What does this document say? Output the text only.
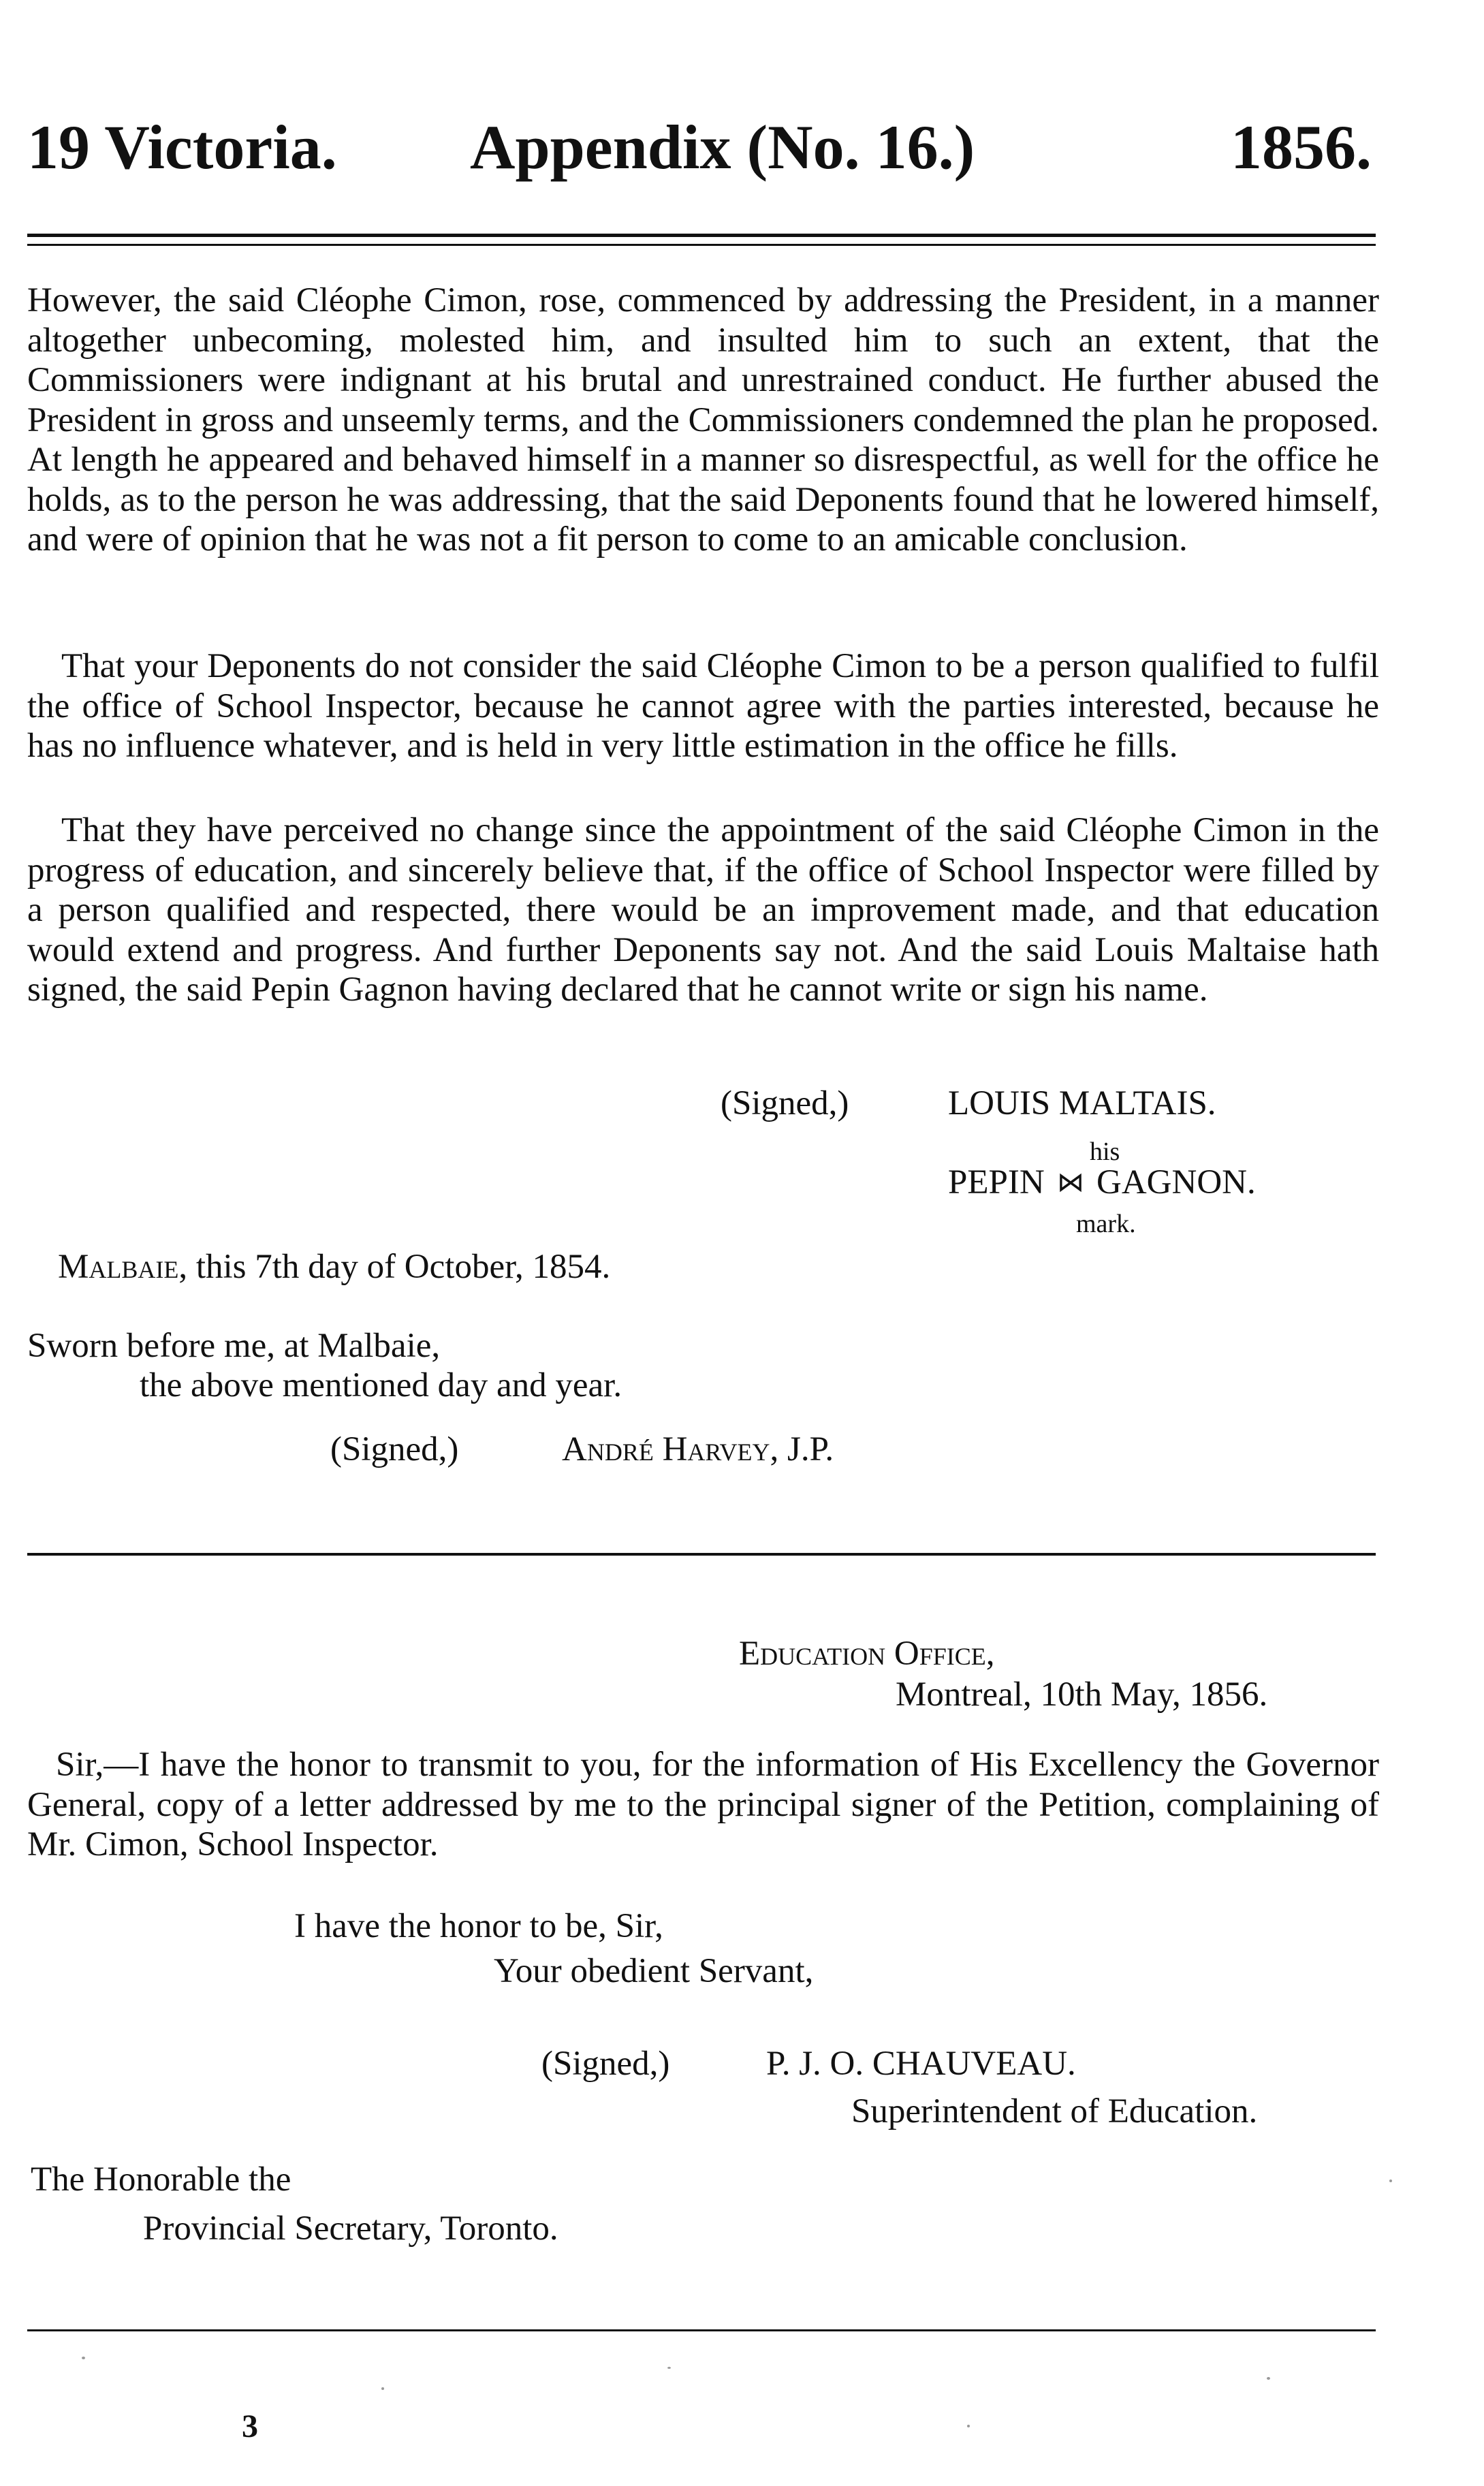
19 Victoria. Appendix (No. 16.)	1856.

However, the said Cléophe Cimon, rose, commenced by addressing the President, in a manner altogether unbecoming, molested him, and insulted him to such an extent, that the Commissioners were indignant at his brutal and unrestrained conduct. He further abused the President in gross and unseemly terms, and the Commissioners condemned the plan he proposed. At length he appeared and behaved himself in a manner so disrespectful, as well for the office he holds, as to the person he was addressing, that the said Deponents found that he lowered himself, and were of opinion that he was not a fit person to come to an amicable conclusion.

That your Deponents do not consider the said Cléophe Cimon to be a person qualified to fulfil the office of School Inspector, because he cannot agree with the parties interested, because he has no influence whatever, and is held in very little estimation in the office he fills.

That they have perceived no change since the appointment of the said Cléophe Cimon in the progress of education, and sincerely believe that, if the office of School Inspector were filled by a person qualified and respected, there would be an improvement made, and that education would extend and progress. And further Deponents say not. And the said Louis Maltaise hath signed, the said Pepin Gagnon having declared that he cannot write or sign his name.

(Signed,)	LOUIS MALTAIS.
his
PEPIN ⋈ GAGNON.
mark.
Malbaie, this 7th day of October, 1854.
Sworn before me, at Malbaie,
the above mentioned day and year.
(Signed,)	André Harvey, J.P.
Education Office,
Montreal, 10th May, 1856.

Sir,—I have the honor to transmit to you, for the information of His Excellency the Governor General, copy of a letter addressed by me to the principal signer of the Petition, complaining of Mr. Cimon, School Inspector.

I have the honor to be, Sir,
Your obedient Servant,
(Signed,)	P. J. O. CHAUVEAU.
Superintendent of Education.
The Honorable the
Provincial Secretary, Toronto.
3
